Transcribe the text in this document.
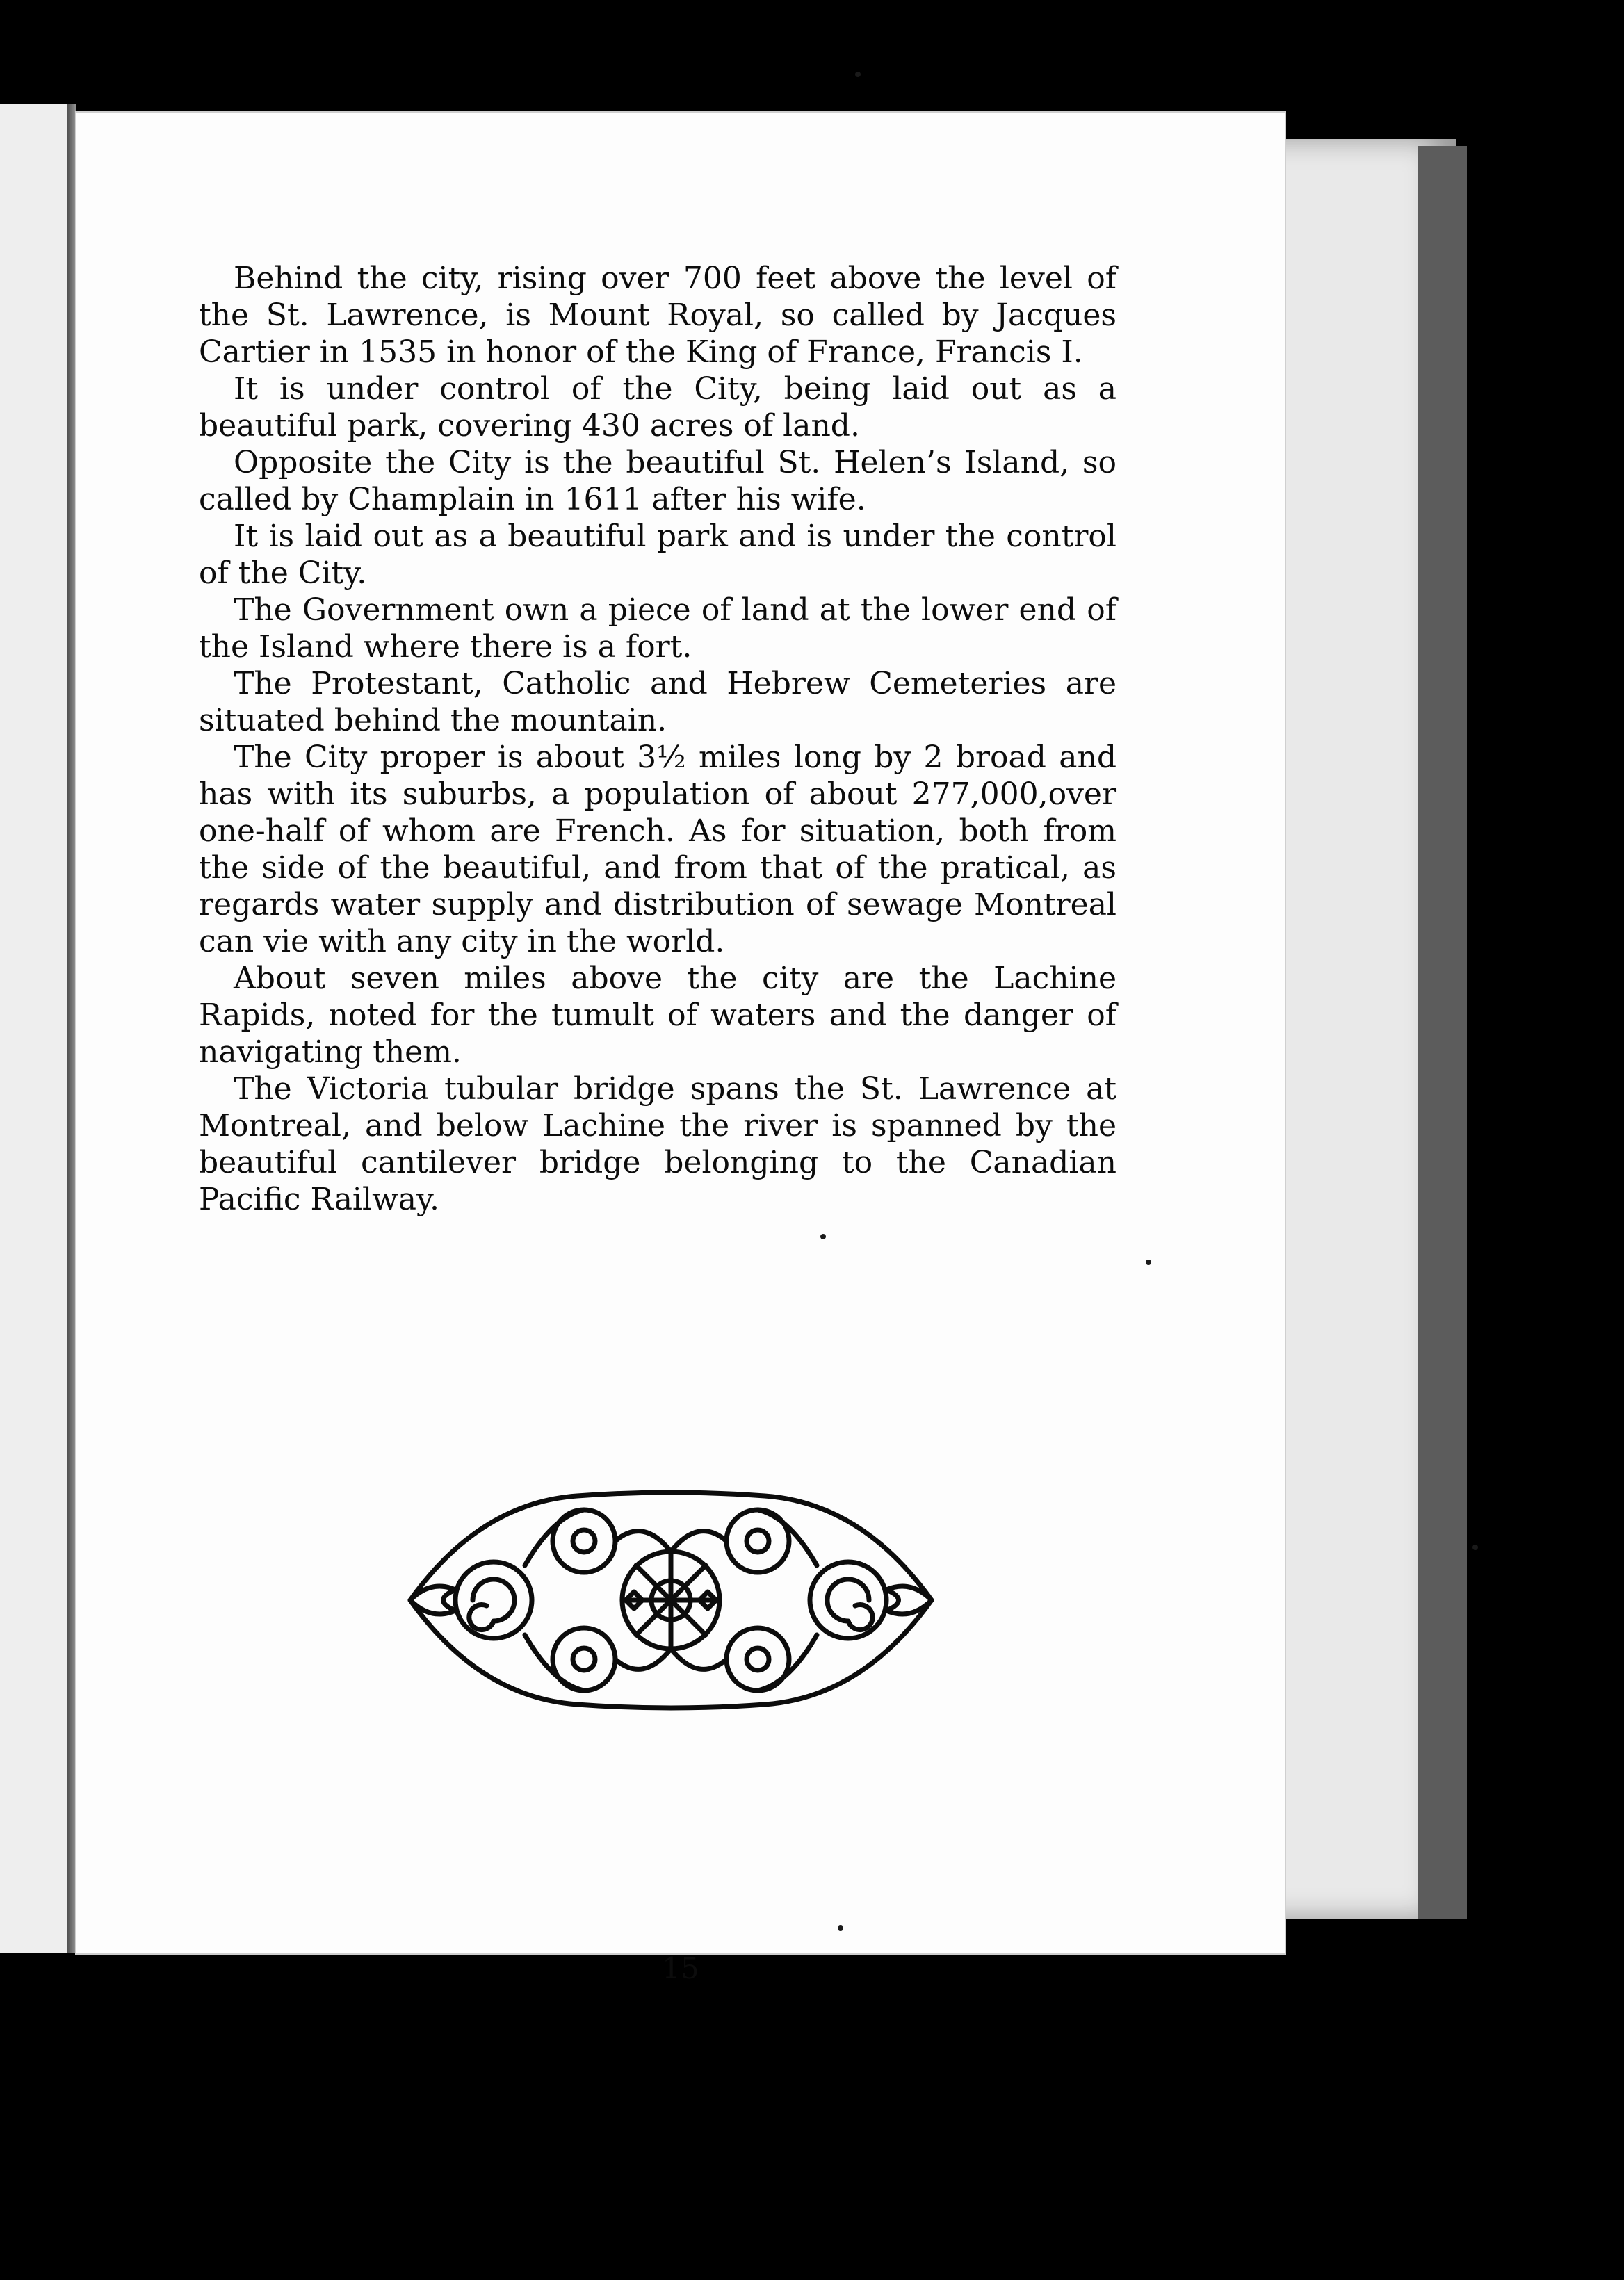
Behind the city, rising over 700 feet above the level of the St. Lawrence, is Mount Royal, so called by Jacques Cartier in 1535 in honor of the King of France, Francis I.

It is under control of the City, being laid out as a beautiful park, covering 430 acres of land.

Opposite the City is the beautiful St. Helen’s Island, so called by Champlain in 1611 after his wife.

It is laid out as a beautiful park and is under the control of the City.

The Government own a piece of land at the lower end of the Island where there is a fort.

The Protestant, Catholic and Hebrew Cemeteries are situated behind the mountain.

The City proper is about 3½ miles long by 2 broad and has with its suburbs, a population of about 277,000,over one-half of whom are French. As for situation, both from the side of the beautiful, and from that of the pratical, as regards water supply and distribution of sewage Montreal can vie with any city in the world.

About seven miles above the city are the Lachine Rapids, noted for the tumult of waters and the danger of navigating them.

The Victoria tubular bridge spans the St. Lawrence at Montreal, and below Lachine the river is spanned by the beautiful cantilever bridge belonging to the Canadian Pacific Railway.

15
